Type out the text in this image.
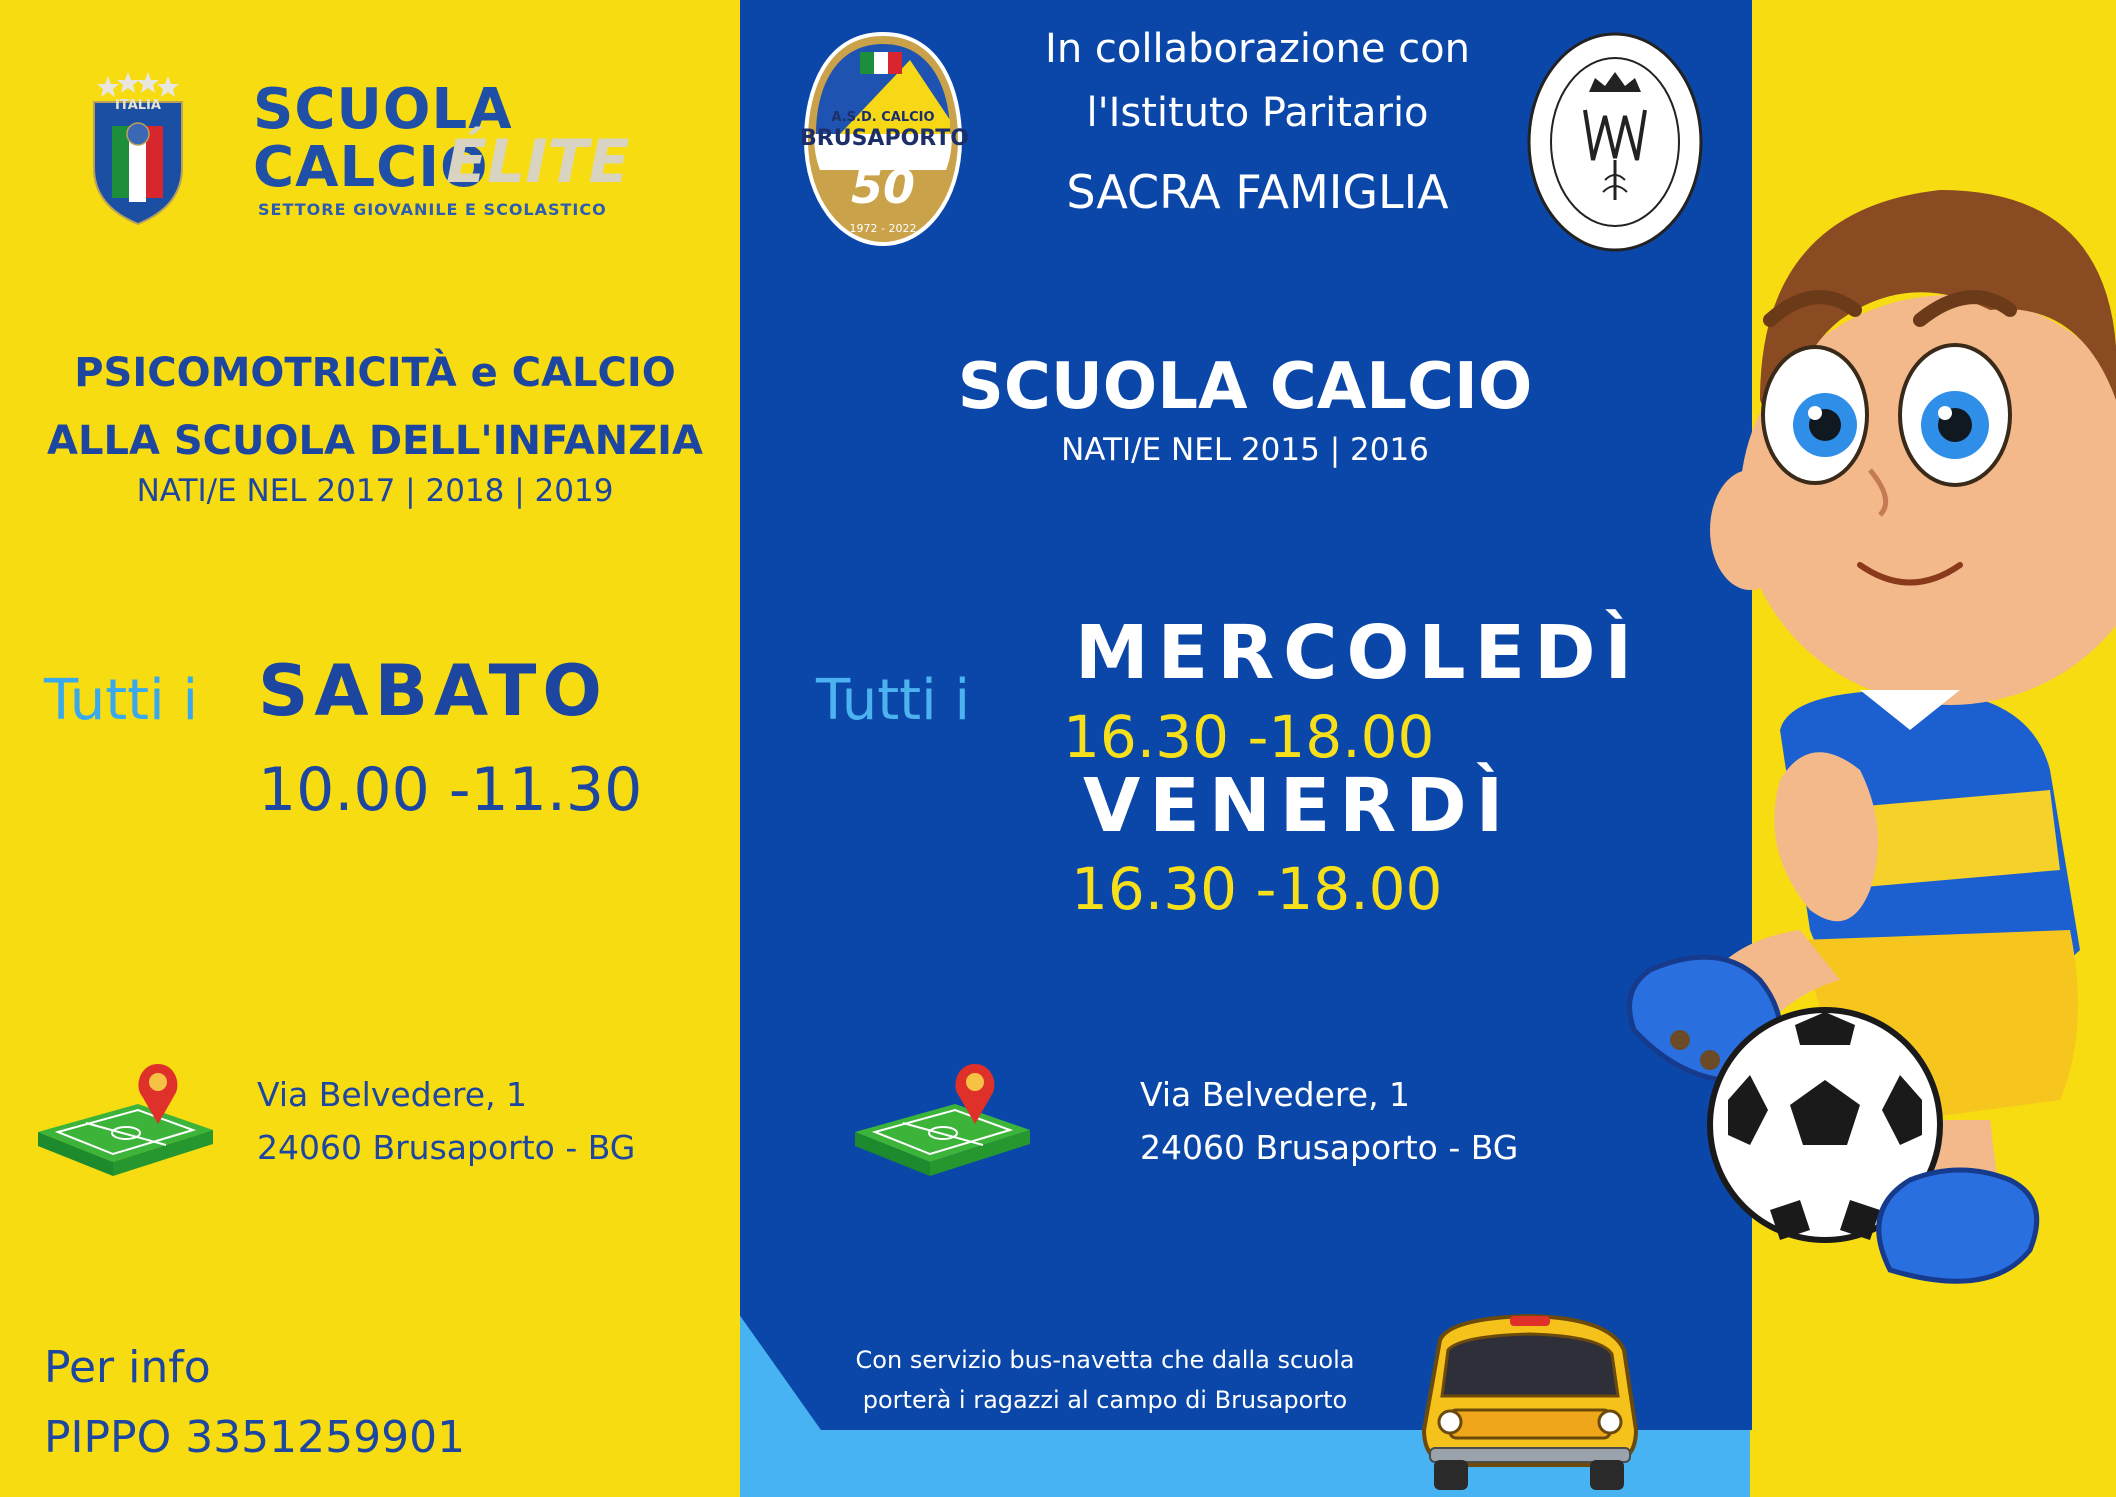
ITALIA	SCUOLA
CALCIO
ÉLITE
SETTORE GIOVANILE E SCOLASTICO
PSICOMOTRICITÀ e CALCIO
ALLA SCUOLA DELL'INFANZIA
NATI/E NEL 2017 | 2018 | 2019
Tutti i SABATO
10.00 -11.30
Via Belvedere, 1
24060 Brusaporto - BG
Per info
PIPPO 3351259901
A.S.D. CALCIO
BRUSAPORTO
50
1972 - 2022
In collaborazione con
l'Istituto Paritario
SACRA FAMIGLIA
SCUOLA CALCIO
NATI/E NEL 2015 | 2016
Tutti i
MERCOLEDÌ
16.30 -18.00
VENERDÌ
16.30 -18.00
Via Belvedere, 1
24060 Brusaporto - BG
Con servizio bus-navetta che dalla scuola
porterà i ragazzi al campo di Brusaporto
